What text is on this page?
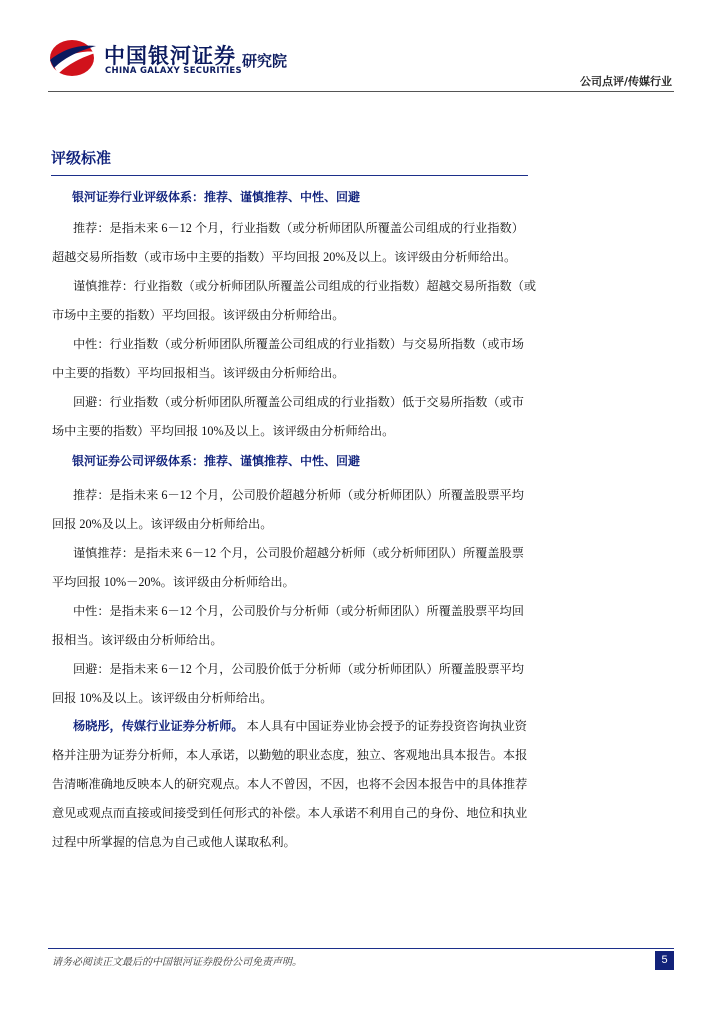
中国银河证券
CHINA GALAXY SECURITIES
研究院
公司点评/传媒行业
评级标准
银河证券行业评级体系：推荐、谨慎推荐、中性、回避
推荐：是指未来 6－12 个月，行业指数（或分析师团队所覆盖公司组成的行业指数）
超越交易所指数（或市场中主要的指数）平均回报 20%及以上。该评级由分析师给出。
谨慎推荐：行业指数（或分析师团队所覆盖公司组成的行业指数）超越交易所指数（或
市场中主要的指数）平均回报。该评级由分析师给出。
中性：行业指数（或分析师团队所覆盖公司组成的行业指数）与交易所指数（或市场
中主要的指数）平均回报相当。该评级由分析师给出。
回避：行业指数（或分析师团队所覆盖公司组成的行业指数）低于交易所指数（或市
场中主要的指数）平均回报 10%及以上。该评级由分析师给出。
银河证券公司评级体系：推荐、谨慎推荐、中性、回避
推荐：是指未来 6－12 个月，公司股价超越分析师（或分析师团队）所覆盖股票平均
回报 20%及以上。该评级由分析师给出。
谨慎推荐：是指未来 6－12 个月，公司股价超越分析师（或分析师团队）所覆盖股票
平均回报 10%－20%。该评级由分析师给出。
中性：是指未来 6－12 个月，公司股价与分析师（或分析师团队）所覆盖股票平均回
报相当。该评级由分析师给出。
回避：是指未来 6－12 个月，公司股价低于分析师（或分析师团队）所覆盖股票平均
回报 10%及以上。该评级由分析师给出。
杨晓彤，传媒行业证券分析师。 本人具有中国证券业协会授予的证券投资咨询执业资
格并注册为证券分析师，本人承诺，以勤勉的职业态度，独立、客观地出具本报告。本报
告清晰准确地反映本人的研究观点。本人不曾因，不因，也将不会因本报告中的具体推荐
意见或观点而直接或间接受到任何形式的补偿。本人承诺不利用自己的身份、地位和执业
过程中所掌握的信息为自己或他人谋取私利。
请务必阅读正文最后的中国银河证券股份公司免责声明。	5
